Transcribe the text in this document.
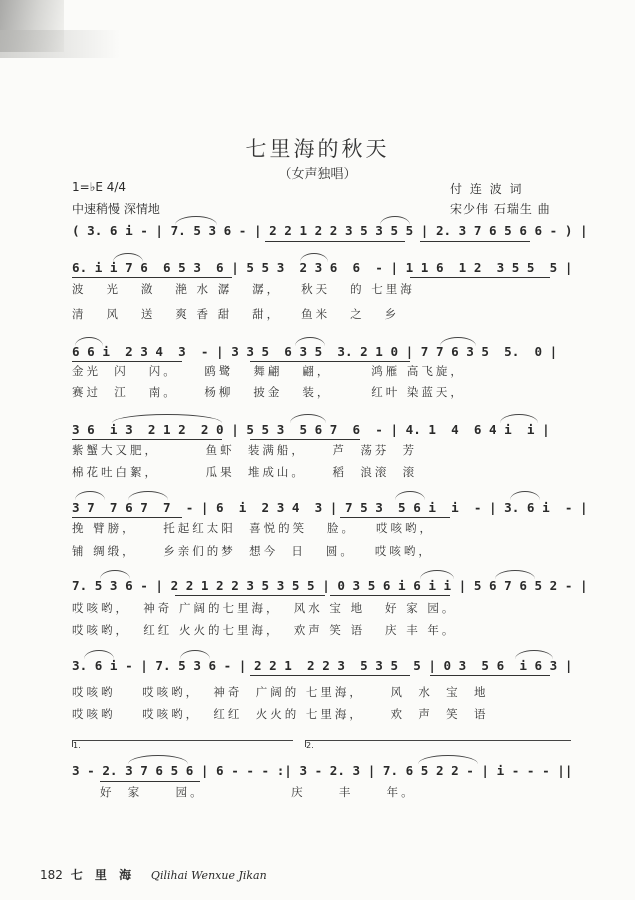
七里海的秋天
（女声独唱）
1=♭E 4/4
中速稍慢 深情地
付 连 波 词
宋少伟 石瑞生 曲
( 3. 6 i - | 7. 5 3 6 - | 2 2 1 2 2 3 5 3 5 5 | 2. 3 7 6 5 6 6 - ) |
6. i i 7 6  6 5 3  6 | 5 5 3  2 3 6  6  - | 1 1 6  1 2  3 5 5  5 |
波   光   潋   滟 水 潺   潺，   秋天   的 七里海
清   风   送   爽 香 甜   甜，   鱼米   之   乡
6 6 i  2 3 4  3  - | 3 3 5  6 3 5  3. 2 1 0 | 7 7 6 3 5  5.  0 |
金光  闪   闪。    鸥鹭   舞翩   翩，      鸿雁 高飞旋，
赛过  江   南。    杨柳   披金   装，      红叶 染蓝天，
3 6  i 3  2 1 2  2 0 | 5 5 3  5 6 7  6  - | 4. 1  4  6 4 i  i |
紫蟹大又肥，       鱼虾  装满船，    芦  荡芬  芳
棉花吐白絮，       瓜果  堆成山。    稻  浪滚  滚
3 7  7 6 7  7  - | 6  i  2 3 4  3 | 7 5 3  5 6 i  i  - | 3. 6 i  - |
挽 臂膀，    托起红太阳  喜悦的笑   脸。   哎咳哟，
铺 绸缎，    乡亲们的梦  想今  日   圆。   哎咳哟，
7. 5 3 6 - | 2 2 1 2 2 3 5 3 5 5 | 0 3 5 6 i 6 i i | 5 6 7 6 5 2 - |
哎咳哟，  神奇 广阔的七里海，  风水 宝 地   好 家 园。
哎咳哟，  红红 火火的七里海，  欢声 笑 语   庆 丰 年。
3. 6 i - | 7. 5 3 6 - | 2 2 1  2 2 3  5 3 5  5 | 0 3  5 6  i 6 3 |
哎咳哟    哎咳哟，  神奇  广阔的 七里海，    风  水  宝  地
哎咳哟    哎咳哟，  红红  火火的 七里海，    欢  声  笑  语
1.	2.
3 - 2. 3 7 6 5 6 | 6 - - - :| 3 - 2. 3 | 7. 6 5 2 2 - | i - - - ||
好  家     园。             庆     丰     年。
182 七 里 海 Qilihai Wenxue Jikan
